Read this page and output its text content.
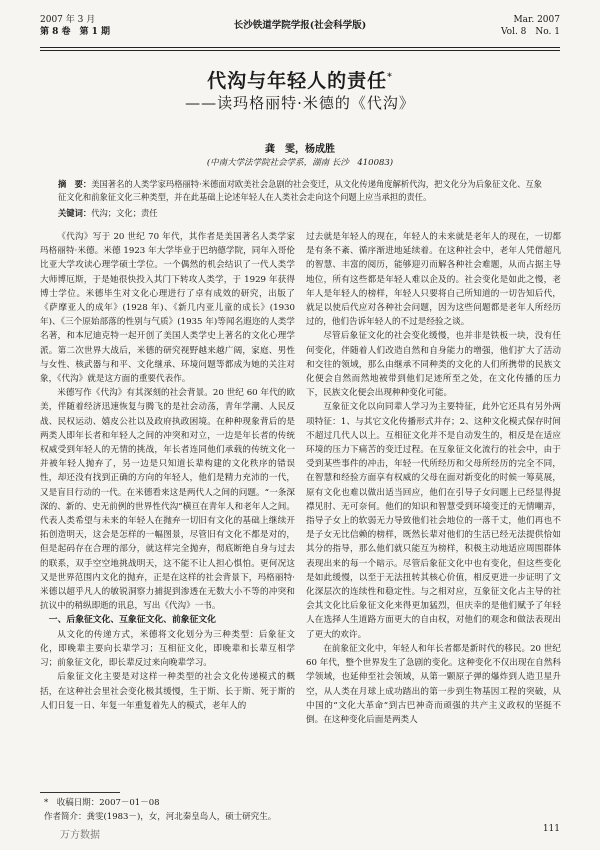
2007 年 3 月
第 8 卷　第 1 期
长沙铁道学院学报(社会科学版)	Mar. 2007
Vol. 8　No. 1
代沟与年轻人的责任*
——读玛格丽特·米德的《代沟》
龚　雯，杨成胜
(中南大学法学院社会学系，湖南 长沙　410083)
摘　要：美国著名的人类学家玛格丽特·米德面对欧美社会急剧的社会变迁，从文化传递角度解析代沟，把文化分为后象征文化、互象征文化和前象征文化三种类型，并在此基础上论述年轻人在人类社会走向这个问题上应当承担的责任。
关键词：代沟；文化；责任

《代沟》写于 20 世纪 70 年代，其作者是美国著名人类学家玛格丽特·米德。米德 1923 年大学毕业于巴纳德学院，同年入哥伦比亚大学攻读心理学硕士学位。一个偶然的机会结识了一代人类学大师博厄斯，于是她很快投入其门下转攻人类学，于 1929 年获得博士学位。米德毕生对文化心理进行了卓有成效的研究，出版了《萨摩亚人的成年》(1928 年)、《新几内亚儿童的成长》(1930 年)、《三个原始部落的性别与气质》(1935 年)等闻名遐迩的人类学名著，和本尼迪克特一起开创了美国人类学史上著名的文化心理学派。第二次世界大战后，米德的研究视野越来越广阔，家庭、男性与女性、核武器与和平、文化继承、环境问题等都成为她的关注对象，《代沟》就是这方面的重要代表作。

米德写作《代沟》有其深刻的社会背景。20 世纪 60 年代的欧美，伴随着经济迅速恢复与腾飞的是社会动荡，青年学潮、人民反战、民权运动、嬉皮公社以及政府执政困境。在种种现象背后的是两类人即年长者和年轻人之间的冲突和对立，一边是年长者的传统权威受到年轻人的无情的挑战，年长者连同他们承载的传统文化一并被年轻人抛弃了，另一边是只知道长辈构建的文化秩序的错误性，却还没有找到正确的方向的年轻人，他们是精力充沛的一代，又是盲目行动的一代。在米德看来这是两代人之间的问题。“一条深深的、新的、史无前例的世界性代沟”横亘在青年人和老年人之间。代表人类希望与未来的年轻人在抛弃一切旧有文化的基础上继续开拓创造明天，这会是怎样的一幅图景，尽管旧有文化不都是对的，但是起码存在合理的部分，就这样完全抛弃，彻底断绝自身与过去的联系，双手空空地挑战明天，这不能不让人担心惧怕。更何况这又是世界范围内文化的抛弃，正是在这样的社会背景下，玛格丽特·米德以超乎凡人的敏锐洞察力捕捉到渗透在无数大小不等的冲突和抗议中的稍纵即逝的讯息，写出《代沟》一书。

一、后象征文化、互象征文化、前象征文化

从文化的传递方式，米德将文化划分为三种类型：后象征文化，即晚辈主要向长辈学习；互相征文化，即晚辈和长辈互相学习；前象征文化，即长辈反过来向晚辈学习。

后象征文化主要是对这样一种类型的社会文化传递模式的概括，在这种社会里社会变化极其缓慢，生于斯、长于斯、死于斯的人们日复一日、年复一年重复着先人的模式，老年人的

过去就是年轻人的现在，年轻人的未来就是老年人的现在，一切都是有条不紊、循序渐进地延续着。在这种社会中，老年人凭借超凡的智慧、丰富的阅历，能够迎刃而解各种社会难题，从而占据主导地位，所有这些都是年轻人难以企及的。社会变化是如此之慢，老年人是年轻人的榜样，年轻人只要将自己所知道的一切告知后代，就足以使后代应对各种社会问题，因为这些问题都是老年人所经历过的，他们告诉年轻人的不过是经验之谈。

尽管后象征文化的社会变化缓慢，也并非是铁板一块，没有任何变化，伴随着人们改造自然和自身能力的增强，他们扩大了活动和交往的领域，那么由继承不同种类的文化的人们所携带的民族文化便会自然而然地被带到他们足迹所至之处，在文化传播的压力下，民族文化便会出现种种变化可能。

互象征文化以向同辈人学习为主要特征，此外它还具有另外两项特征：1、与其它文化传播形式并存；2、这种文化模式保存时间不超过几代人以上。互相征文化并不是自动发生的，相反是在适应环境的压力下痛苦的变迁过程。在互象征文化流行的社会中，由于受到某些事件的冲击，年轻一代所经历和父母所经历的完全不同，在智慧和经验方面享有权威的父母在面对新变化的时候一筹莫展，原有文化也难以做出适当回应，他们在引导子女问题上已经显得捉襟见肘、无可奈何。他们的知识和智慧受到环境变迁的无情嘲弄，指导子女上的软弱无力导致他们社会地位的一落千丈，他们再也不是子女无比信赖的榜样，既然长辈对他们的生活已经无法提供恰如其分的指导，那么他们就只能互为榜样，积极主动地适应周围群体表现出来的每一个暗示。尽管后象征文化中也有变化，但这些变化是如此缓慢，以至于无法扭转其核心价值，相反更进一步证明了文化深层次的连续性和稳定性。与之相对应，互象征文化占主导的社会其文化比后象征文化来得更加猛烈，但庆幸的是他们赋予了年轻人在选择人生道路方面更大的自由权，对他们的观念和做法表现出了更大的欢许。

在前象征文化中，年轻人和年长者都是新时代的移民。20 世纪 60 年代，整个世界发生了急剧的变化。这种变化不仅出现在自然科学领域，也延伸至社会领域，从第一颗原子弹的爆炸到人造卫星升空，从人类在月球上成功踏出的第一步到生物基因工程的突破，从中国的“文化大革命”到古巴神奇而顽强的共产主义政权的坚挺不倒。在这种变化后面是两类人

*　收稿日期：2007－01－08
作者简介：龚雯(1983－)，女，河北秦皇岛人，硕士研究生。
万方数据
111
